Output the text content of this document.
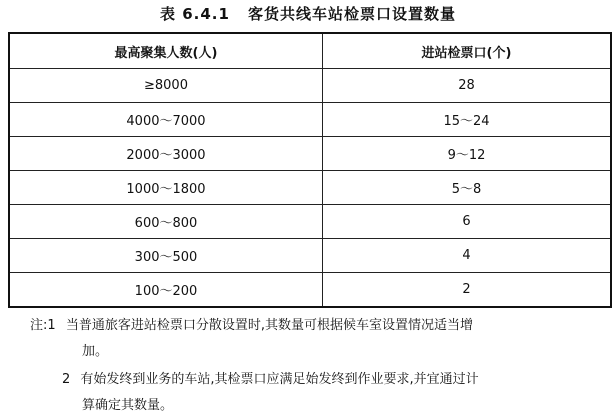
表 6.4.1 客货共线车站检票口设置数量
最高聚集人数(人)	进站检票口(个)
≥8000	28
4000～7000	15～24
2000～3000	9～12
1000～1800	5～8
600～800	6
300～500	4
100～200	2
注:1 当普通旅客进站检票口分散设置时,其数量可根据候车室设置情况适当增
加。
2 有始发终到业务的车站,其检票口应满足始发终到作业要求,并宜通过计
算确定其数量。
